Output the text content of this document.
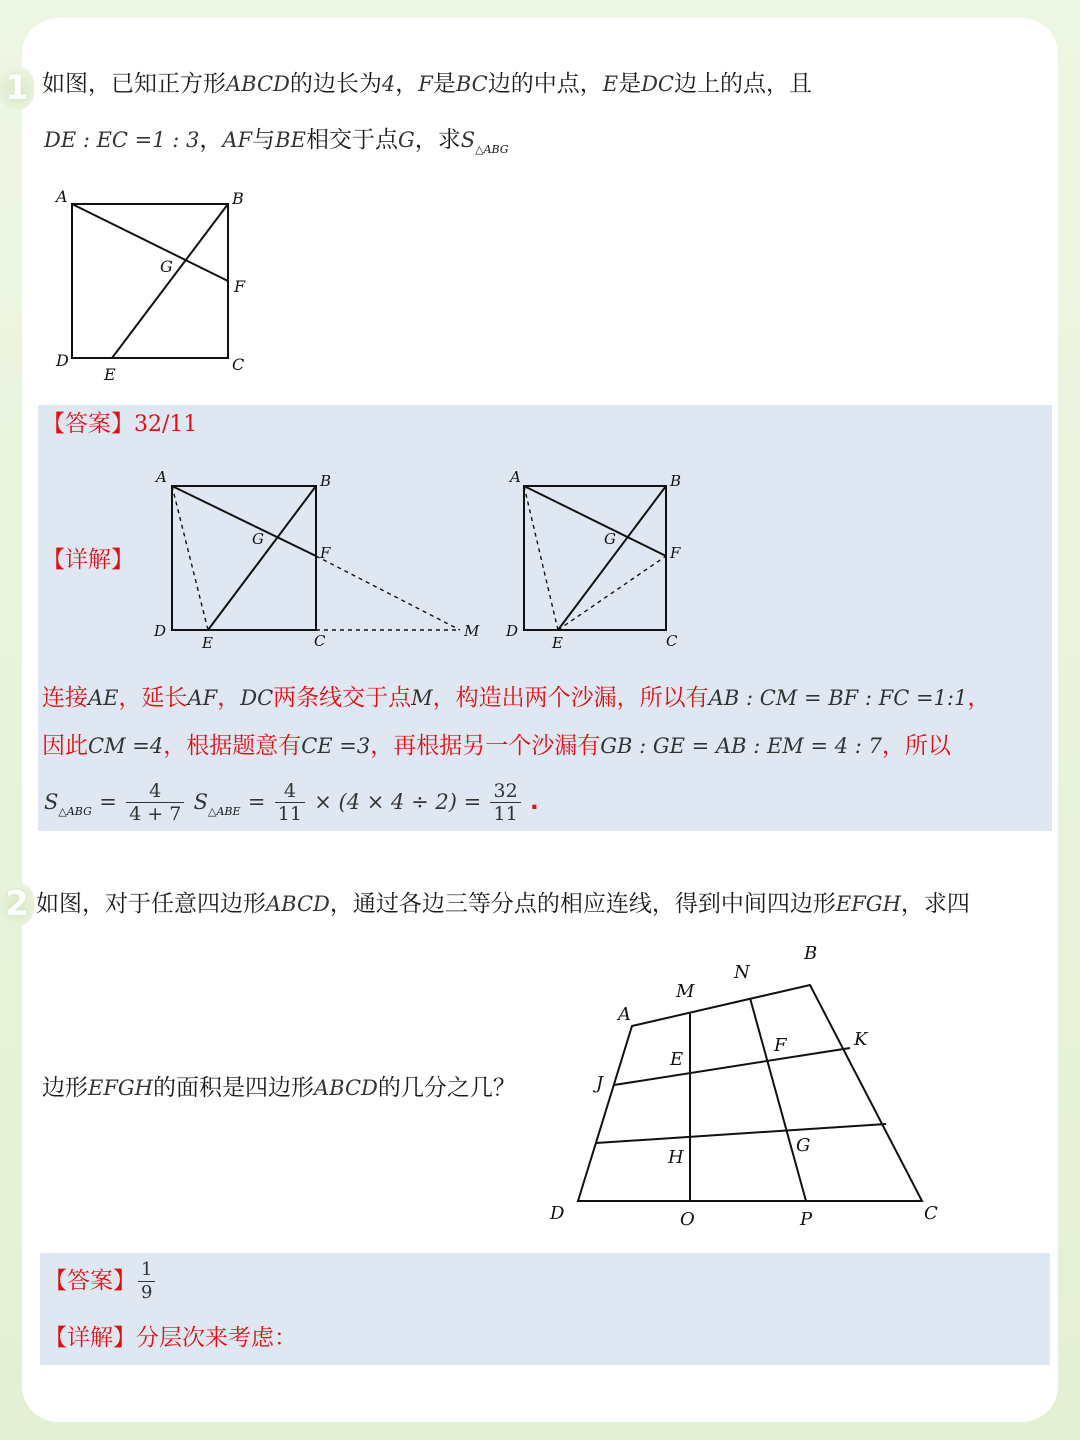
1 如图，已知正方形ABCD的边长为4，F是BC边的中点，E是DC边上的点，且
DE : EC =1 : 3，AF与BE相交于点G，求$S_{\triangle ABG}$
A	B
C
D
E
F
G
【答案】32/11
【详解】
A	B
C
D
E
F
G
M
A	B
C
D
E
F
G
连接AE，延长AF，DC两条线交于点M，构造出两个沙漏，所以有AB : CM = BF : FC =1:1，
因此CM =4，根据题意有CE =3，再根据另一个沙漏有GB : GE = AB : EM = 4 : 7，所以
$S_{\triangle ABG} = \frac{4}{4 + 7} S_{\triangle ABE} = \frac{4}{11} \times (4 \times 4 \div 2) = \frac{32}{11}$ .
2 如图，对于任意四边形ABCD，通过各边三等分点的相应连线，得到中间四边形EFGH，求四
边形EFGH的面积是四边形ABCD的几分之几？
A
B
C
D
E
F
G
H
J
K
M
N
O	P
【答案】 $\frac{1}{9}$
【详解】分层次来考虑：
